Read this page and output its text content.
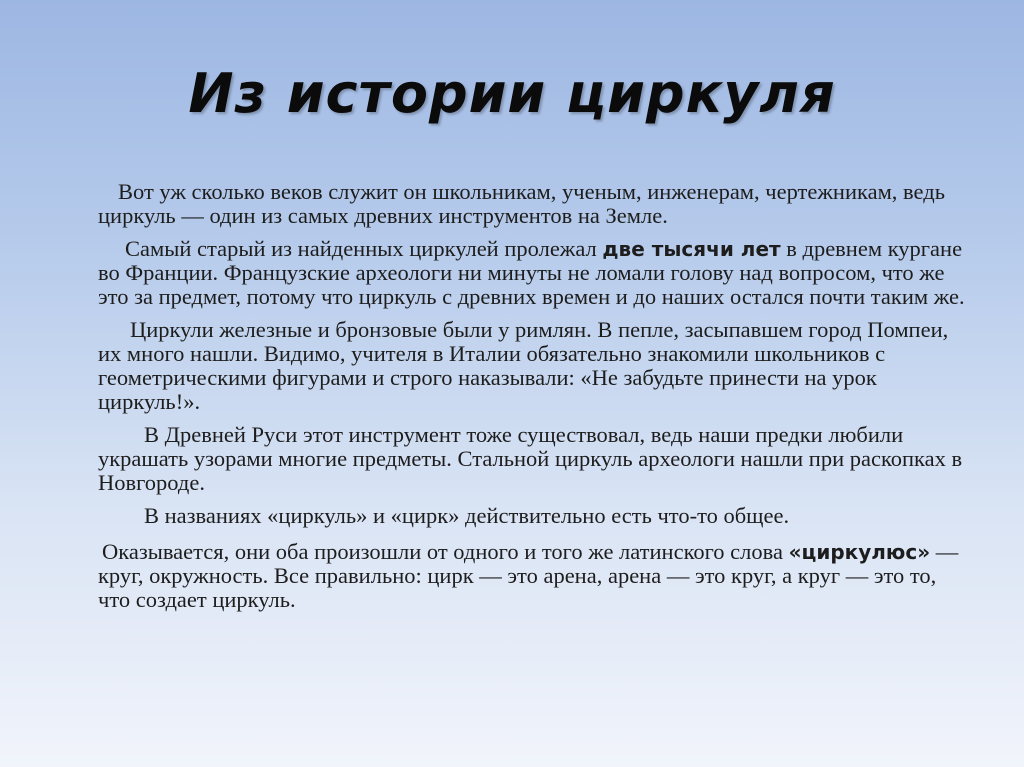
Из истории циркуля

Вот уж сколько веков служит он школьникам, ученым, инженерам, чертежникам, ведь циркуль — один из самых древних инструментов на Земле.

Самый старый из найденных циркулей пролежал две тысячи лет в древнем кургане во Франции. Французские археологи ни минуты не ломали голову над вопросом, что же это за предмет, потому что циркуль с древних времен и до наших остался почти таким же.

Циркули железные и бронзовые были у римлян. В пепле, засыпавшем город Помпеи, их много нашли. Видимо, учителя в Италии обязательно знакомили школьников с геометрическими фигурами и строго наказывали: «Не забудьте принести на урок циркуль!».

В Древней Руси этот инструмент тоже существовал, ведь наши предки любили украшать узорами многие предметы. Стальной циркуль археологи нашли при раскопках в Новгороде.

В названиях «циркуль» и «цирк» действительно есть что-то общее.

Оказывается, они оба произошли от одного и того же латинского слова «циркулюс» — круг, окружность. Все правильно: цирк — это арена, арена — это круг, а круг — это то, что создает циркуль.
